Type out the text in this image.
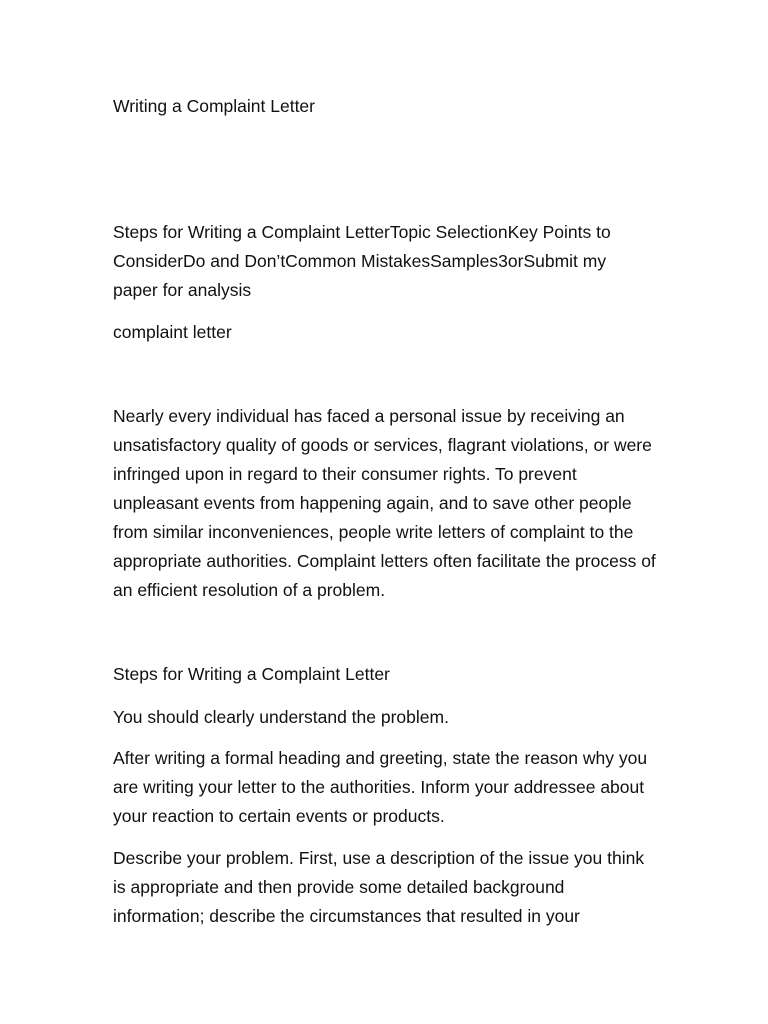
Writing a Complaint Letter

Steps for Writing a Complaint LetterTopic SelectionKey Points to ConsiderDo and Don’tCommon MistakesSamples3orSubmit my paper for analysis

complaint letter

Nearly every individual has faced a personal issue by receiving an unsatisfactory quality of goods or services, flagrant violations, or were infringed upon in regard to their consumer rights. To prevent unpleasant events from happening again, and to save other people from similar inconveniences, people write letters of complaint to the appropriate authorities. Complaint letters often facilitate the process of an efficient resolution of a problem.

Steps for Writing a Complaint Letter

You should clearly understand the problem.

After writing a formal heading and greeting, state the reason why you are writing your letter to the authorities. Inform your addressee about your reaction to certain events or products.

Describe your problem. First, use a description of the issue you think is appropriate and then provide some detailed background information; describe the circumstances that resulted in your
